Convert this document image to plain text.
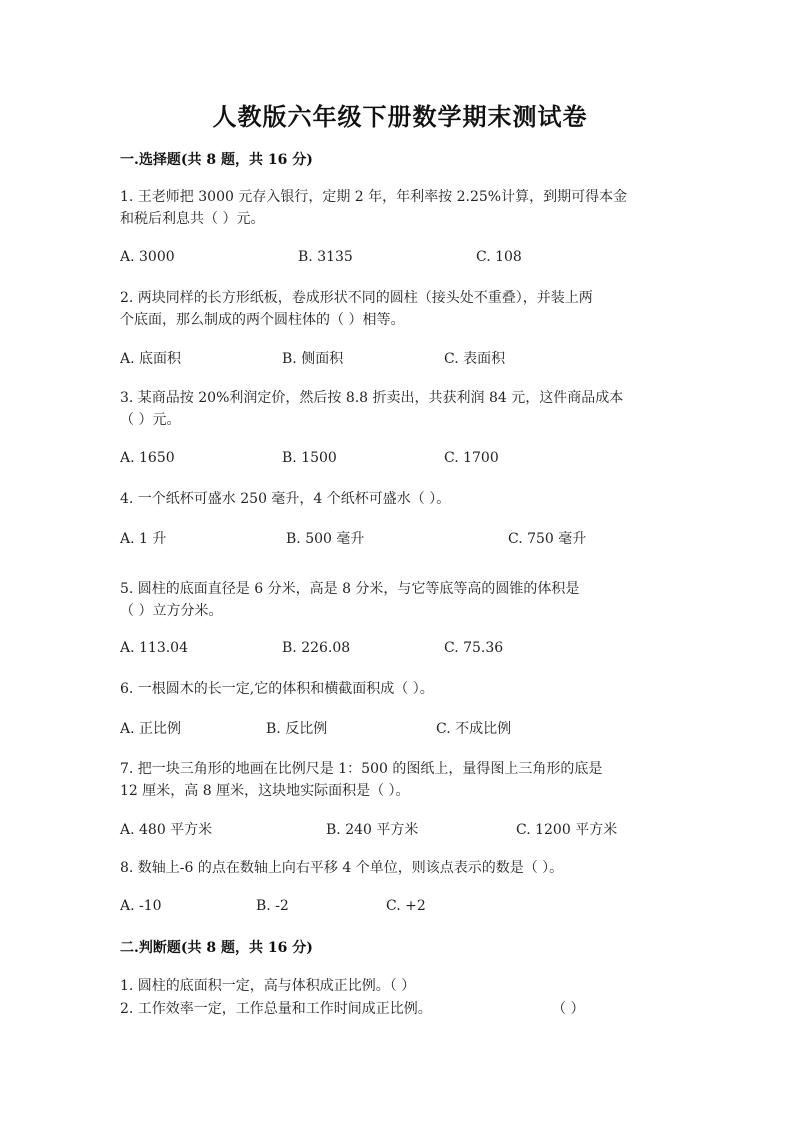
人教版六年级下册数学期末测试卷
一.选择题(共 8 题，共 16 分)
1. 王老师把 3000 元存入银行，定期 2 年，年利率按 2.25%计算，到期可得本金
和税后利息共（ ）元。
A. 3000	B. 3135	C. 108
2. 两块同样的长方形纸板，卷成形状不同的圆柱（接头处不重叠），并装上两
个底面，那么制成的两个圆柱体的（ ）相等。
A. 底面积	B. 侧面积	C. 表面积
3. 某商品按 20%利润定价，然后按 8.8 折卖出，共获利润 84 元，这件商品成本
（ ）元。
A. 1650	B. 1500	C. 1700
4. 一个纸杯可盛水 250 毫升，4 个纸杯可盛水（ ）。
A. 1 升	B. 500 毫升	C. 750 毫升
5. 圆柱的底面直径是 6 分米，高是 8 分米，与它等底等高的圆锥的体积是
（ ）立方分米。
A. 113.04	B. 226.08	C. 75.36
6. 一根圆木的长一定,它的体积和横截面积成（ ）。
A. 正比例	B. 反比例	C. 不成比例
7. 把一块三角形的地画在比例尺是 1：500 的图纸上，量得图上三角形的底是
12 厘米，高 8 厘米，这块地实际面积是（ ）。
A. 480 平方米	B. 240 平方米	C. 1200 平方米
8. 数轴上-6 的点在数轴上向右平移 4 个单位，则该点表示的数是（ ）。
A. -10	B. -2	C. +2
二.判断题(共 8 题，共 16 分)
1. 圆柱的底面积一定，高与体积成正比例。（ ）
2. 工作效率一定，工作总量和工作时间成正比例。	（ ）
